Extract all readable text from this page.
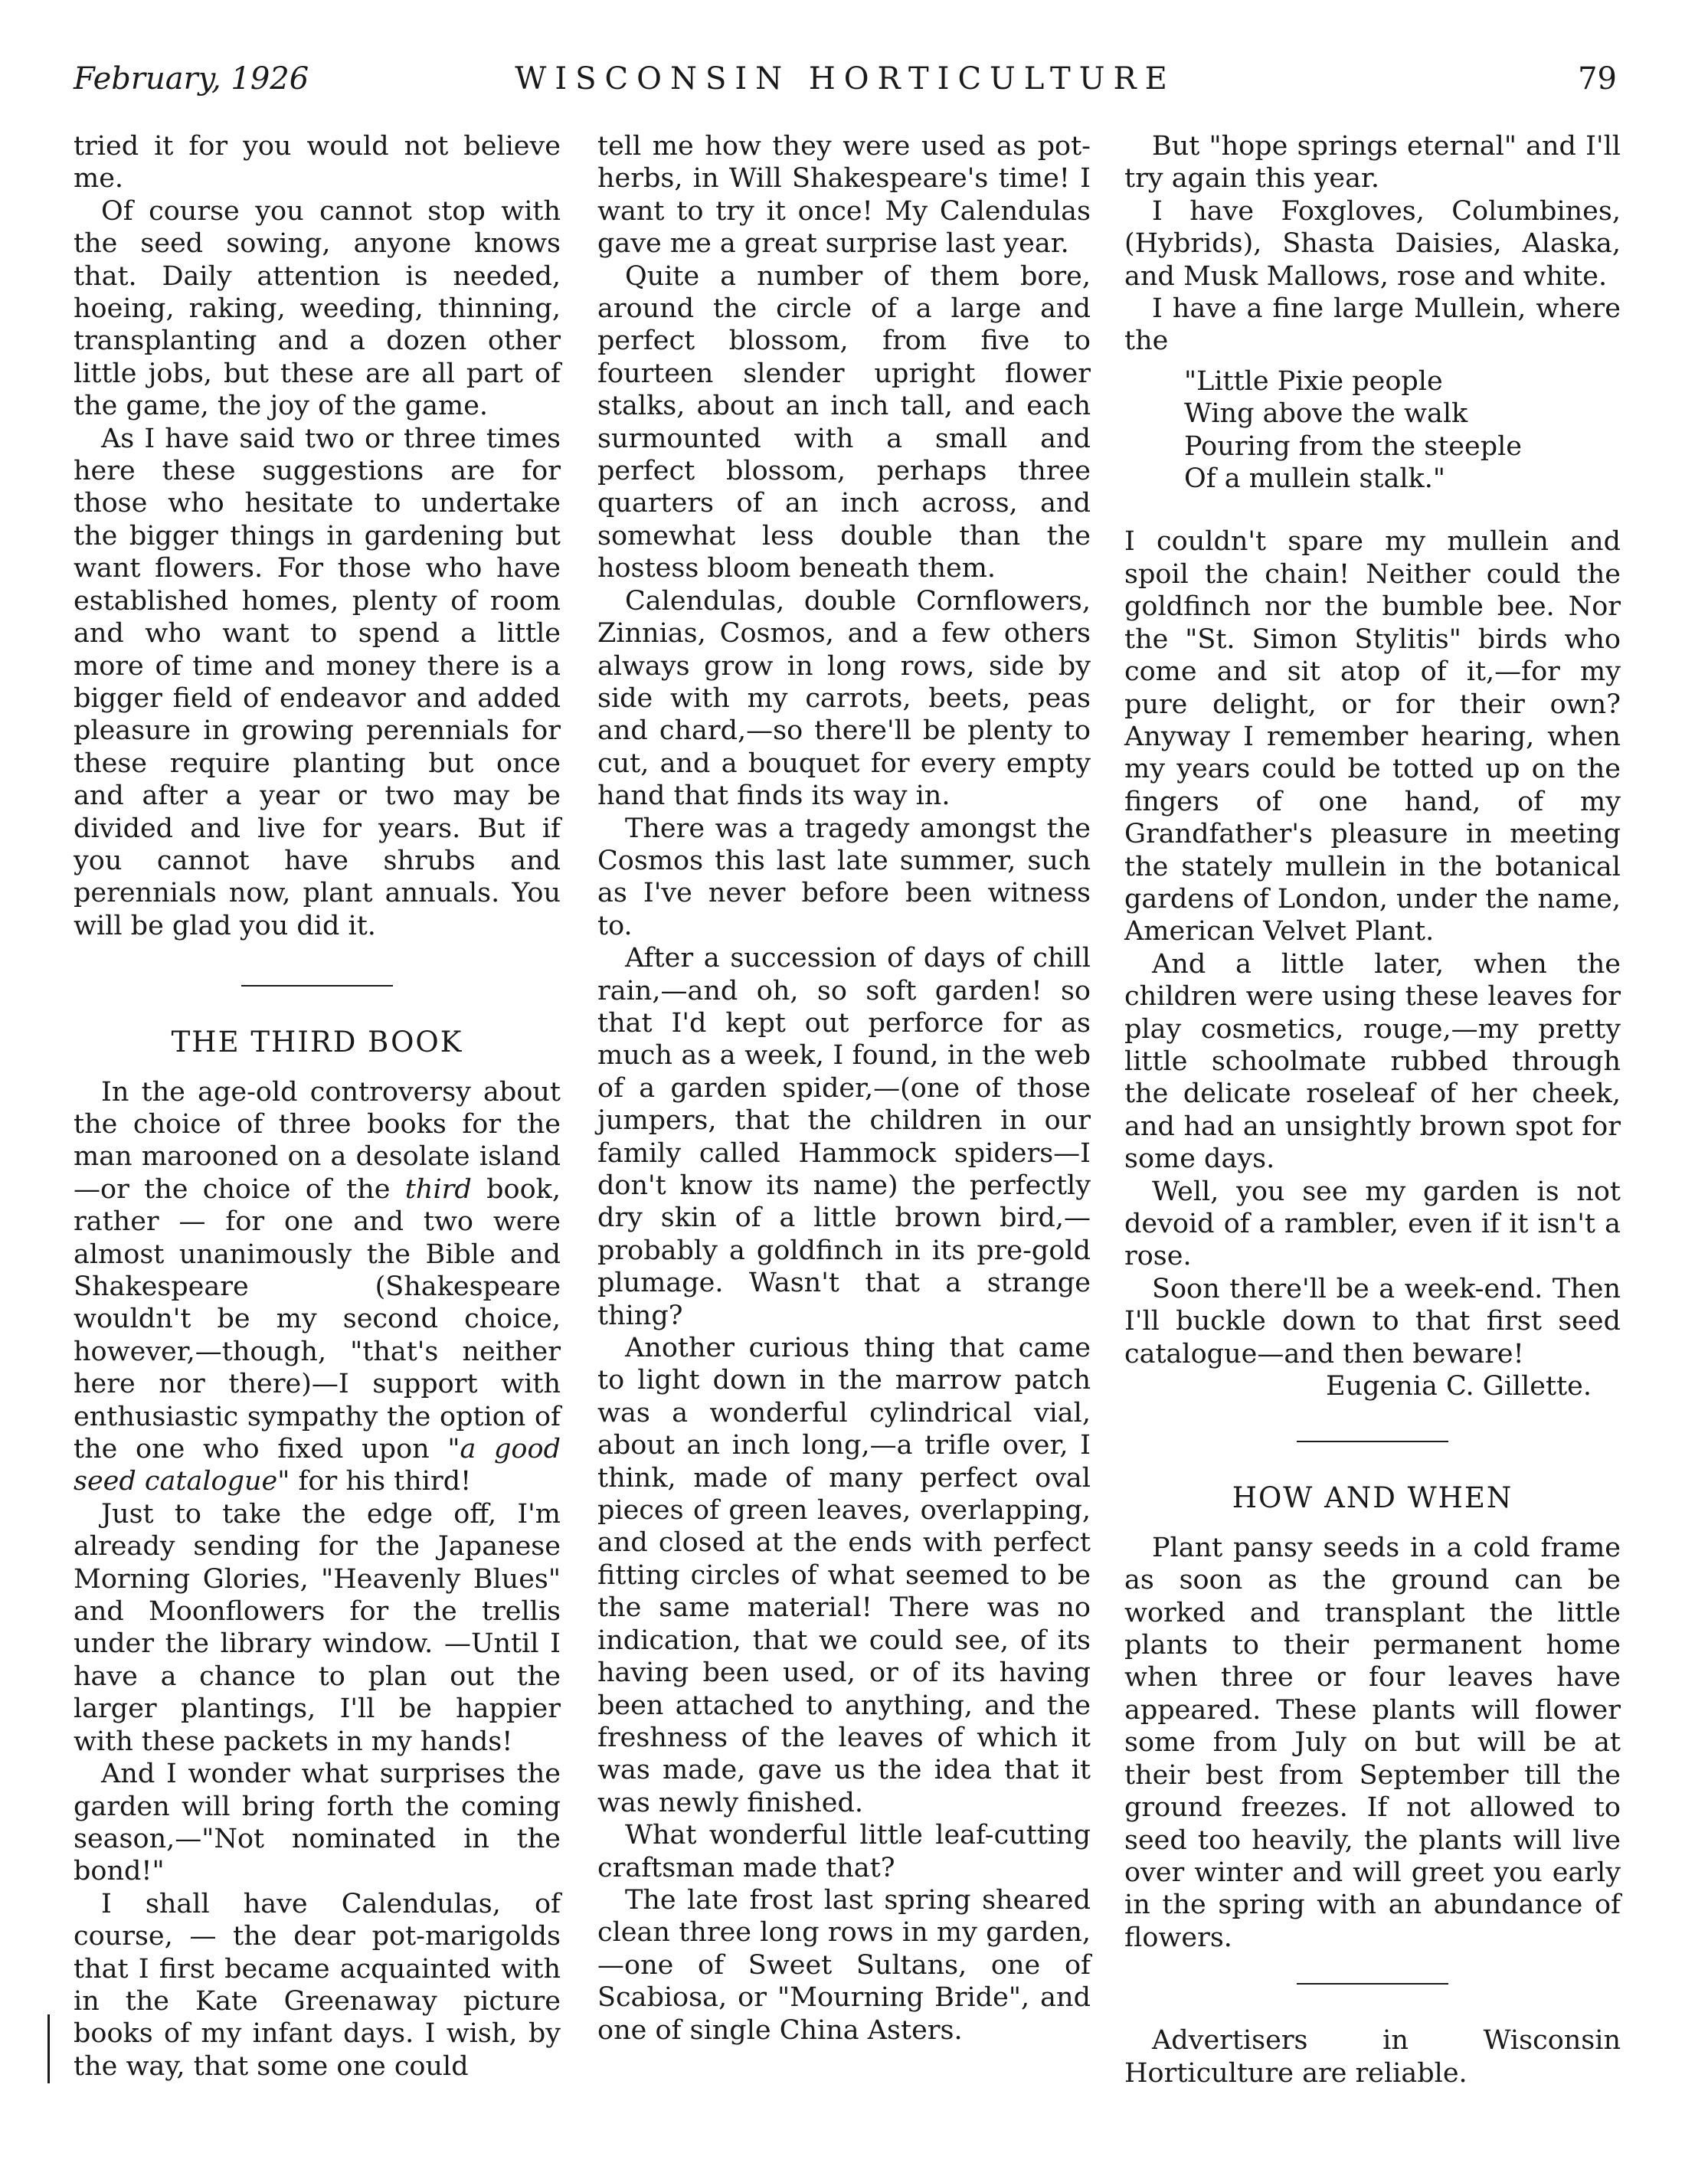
February, 1926	WISCONSIN HORTICULTURE	79

tried it for you would not believe me.

Of course you cannot stop with the seed sowing, anyone knows that. Daily attention is needed, hoeing, raking, weeding, thinning, transplanting and a dozen other little jobs, but these are all part of the game, the joy of the game.

As I have said two or three times here these suggestions are for those who hesitate to undertake the bigger things in gardening but want flowers. For those who have established homes, plenty of room and who want to spend a little more of time and money there is a bigger field of endeavor and added pleasure in growing perennials for these require planting but once and after a year or two may be divided and live for years. But if you cannot have shrubs and perennials now, plant annuals. You will be glad you did it.

THE THIRD BOOK

In the age-old controversy about the choice of three books for the man marooned on a desolate island—or the choice of the third book, rather — for one and two were almost unanimously the Bible and Shakespeare (Shakespeare wouldn't be my second choice, however,—though, "that's neither here nor there)—I support with enthusiastic sympathy the option of the one who fixed upon "a good seed catalogue" for his third!

Just to take the edge off, I'm already sending for the Japanese Morning Glories, "Heavenly Blues" and Moonflowers for the trellis under the library window. —Until I have a chance to plan out the larger plantings, I'll be happier with these packets in my hands!

And I wonder what surprises the garden will bring forth the coming season,—"Not nominated in the bond!"

I shall have Calendulas, of course, — the dear pot-marigolds that I first became acquainted with in the Kate Greenaway picture books of my infant days. I wish, by the way, that some one could

tell me how they were used as pot-herbs, in Will Shakespeare's time! I want to try it once! My Calendulas gave me a great surprise last year.

Quite a number of them bore, around the circle of a large and perfect blossom, from five to fourteen slender upright flower stalks, about an inch tall, and each surmounted with a small and perfect blossom, perhaps three quarters of an inch across, and somewhat less double than the hostess bloom beneath them.

Calendulas, double Cornflowers, Zinnias, Cosmos, and a few others always grow in long rows, side by side with my carrots, beets, peas and chard,—so there'll be plenty to cut, and a bouquet for every empty hand that finds its way in.

There was a tragedy amongst the Cosmos this last late summer, such as I've never before been witness to.

After a succession of days of chill rain,—and oh, so soft garden! so that I'd kept out perforce for as much as a week, I found, in the web of a garden spider,—(one of those jumpers, that the children in our family called Hammock spiders—I don't know its name) the perfectly dry skin of a little brown bird,—probably a goldfinch in its pre-gold plumage. Wasn't that a strange thing?

Another curious thing that came to light down in the marrow patch was a wonderful cylindrical vial, about an inch long,—a trifle over, I think, made of many perfect oval pieces of green leaves, overlapping, and closed at the ends with perfect fitting circles of what seemed to be the same material! There was no indication, that we could see, of its having been used, or of its having been attached to anything, and the freshness of the leaves of which it was made, gave us the idea that it was newly finished.

What wonderful little leaf-cutting craftsman made that?

The late frost last spring sheared clean three long rows in my garden,—one of Sweet Sultans, one of Scabiosa, or "Mourning Bride", and one of single China Asters.

But "hope springs eternal" and I'll try again this year.

I have Foxgloves, Columbines, (Hybrids), Shasta Daisies, Alaska, and Musk Mallows, rose and white.

I have a fine large Mullein, where the

"Little Pixie people
Wing above the walk
Pouring from the steeple
Of a mullein stalk."

I couldn't spare my mullein and spoil the chain! Neither could the goldfinch nor the bumble bee. Nor the "St. Simon Stylitis" birds who come and sit atop of it,—for my pure delight, or for their own? Anyway I remember hearing, when my years could be totted up on the fingers of one hand, of my Grandfather's pleasure in meeting the stately mullein in the botanical gardens of London, under the name, American Velvet Plant.

And a little later, when the children were using these leaves for play cosmetics, rouge,—my pretty little schoolmate rubbed through the delicate roseleaf of her cheek, and had an unsightly brown spot for some days.

Well, you see my garden is not devoid of a rambler, even if it isn't a rose.

Soon there'll be a week-end. Then I'll buckle down to that first seed catalogue—and then beware!

Eugenia C. Gillette.

HOW AND WHEN

Plant pansy seeds in a cold frame as soon as the ground can be worked and transplant the little plants to their permanent home when three or four leaves have appeared. These plants will flower some from July on but will be at their best from September till the ground freezes. If not allowed to seed too heavily, the plants will live over winter and will greet you early in the spring with an abundance of flowers.

Advertisers in Wisconsin Horticulture are reliable.
